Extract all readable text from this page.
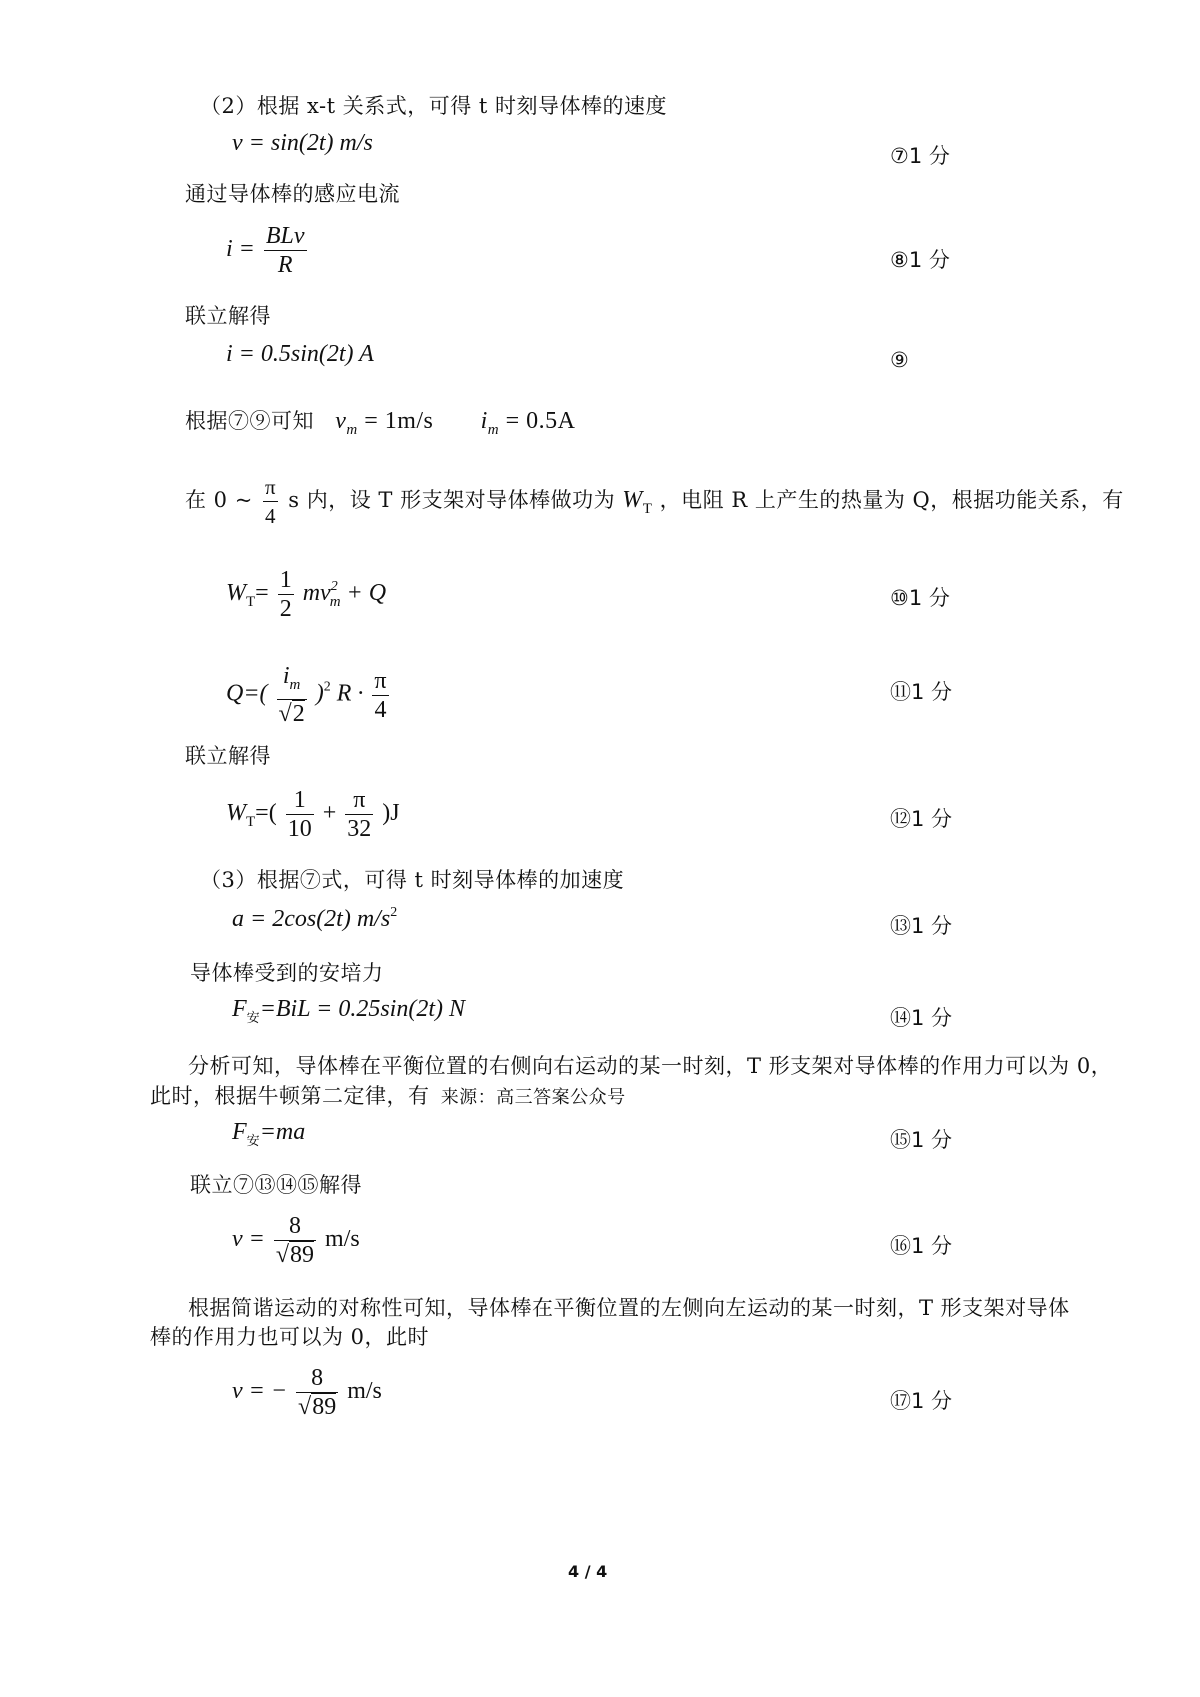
（2）根据 x-t 关系式，可得 t 时刻导体棒的速度
v = sin(2t) m/s	⑦1 分
通过导体棒的感应电流
$i = \frac{\text{BLv}}{R}$	⑧1 分
联立解得
i = 0.5sin(2t) A	⑨
根据⑦⑨可知 $v_m = 1m/s$ $i_m = 0.5A$
在 0 ~ $\frac{\pi}{4}$ s 内，设 T 形支架对导体棒做功为 $W_T$ ，电阻 R 上产生的热量为 Q，根据功能关系，有
$W_T= \frac{1}{2} mv^2_m + Q$	⑩1 分
$Q=( \frac{i_m}{√2} )^2$ $R \cdot \frac{\pi}{4}$	⑪1 分
联立解得
$W_T=( \frac{1}{10} + \frac{\pi}{32} )J$	⑫1 分
（3）根据⑦式，可得 t 时刻导体棒的加速度
a = 2cos(2t) $m/s^2$
⑬1 分
导体棒受到的安培力
$F_安=BiL = 0.25\sin(2t)$ N	⑭1 分
分析可知，导体棒在平衡位置的右侧向右运动的某一时刻，T 形支架对导体棒的作用力可以为 0，
此时，根据牛顿第二定律，有 来源：高三答案公众号
$F_安=ma$	⑮1 分
联立⑦⑬⑭⑮解得
$v = \frac{8}{√89} m/s$	⑯1 分
根据简谐运动的对称性可知，导体棒在平衡位置的左侧向左运动的某一时刻，T 形支架对导体
棒的作用力也可以为 0，此时
v = − $\frac{8}{√89} m/s$	⑰1 分
4 / 4
